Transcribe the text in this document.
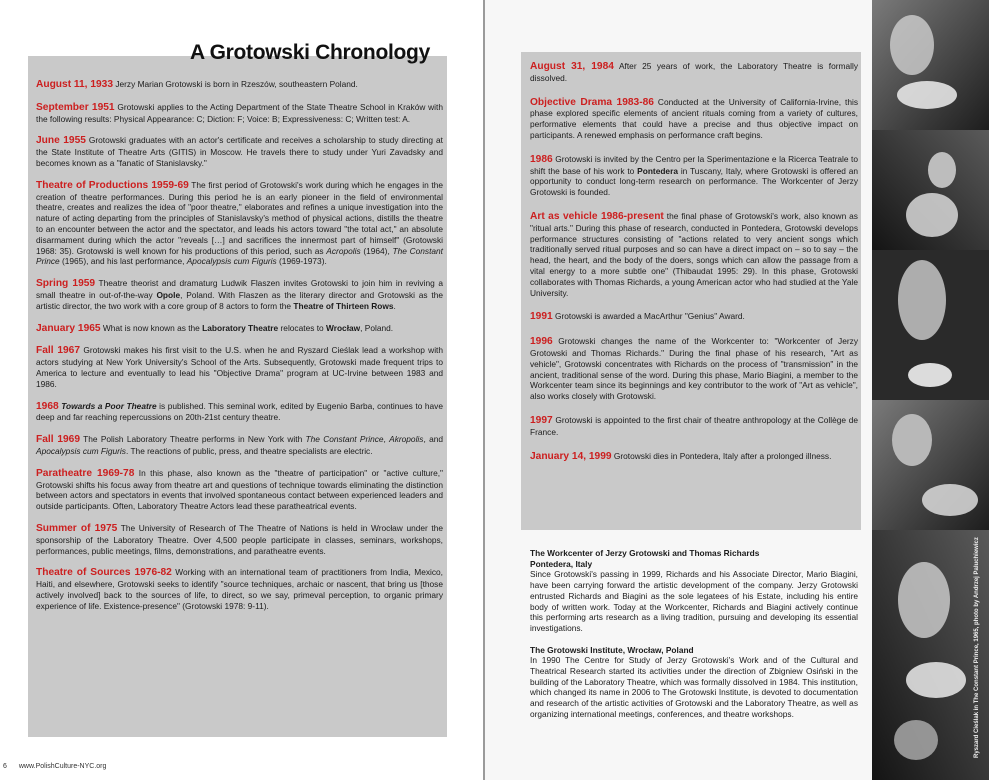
A Grotowski Chronology

August 11, 1933 Jerzy Marian Grotowski is born in Rzeszów, southeastern Poland.

September 1951 Grotowski applies to the Acting Department of the State Theatre School in Kraków with the following results: Physical Appearance: C; Diction: F; Voice: B; Expressiveness: C; Written test: A.

June 1955 Grotowski graduates with an actor's certificate and receives a scholarship to study directing at the State Institute of Theatre Arts (GITIS) in Moscow. He travels there to study under Yuri Zavadsky and becomes known as a "fanatic of Stanislavsky."

Theatre of Productions 1959-69 The first period of Grotowski's work during which he engages in the creation of theatre performances. During this period he is an early pioneer in the field of environmental theatre, creates and realizes the idea of "poor theatre," elaborates and refines a unique investigation into the nature of acting departing from the principles of Stanislavsky's method of physical actions, distills the theatre to an encounter between the actor and the spectator, and leads his actors toward "the total act," an absolute disarmament during which the actor "reveals […] and sacrifices the innermost part of himself" (Grotowski 1968: 35). Grotowski is well known for his productions of this period, such as Acropolis (1964), The Constant Prince (1965), and his last performance, Apocalypsis cum Figuris (1969-1973).

Spring 1959 Theatre theorist and dramaturg Ludwik Flaszen invites Grotowski to join him in reviving a small theatre in out-of-the-way Opole, Poland. With Flaszen as the literary director and Grotowski as the artistic director, the two work with a core group of 8 actors to form the Theatre of Thirteen Rows.

January 1965 What is now known as the Laboratory Theatre relocates to Wrocław, Poland.

Fall 1967 Grotowski makes his first visit to the U.S. when he and Ryszard Cieślak lead a workshop with actors studying at New York University's School of the Arts. Subsequently, Grotowski made frequent trips to America to lecture and eventually to lead his "Objective Drama" program at UC-Irvine between 1983 and 1986.

1968 Towards a Poor Theatre is published. This seminal work, edited by Eugenio Barba, continues to have deep and far reaching repercussions on 20th-21st century theatre.

Fall 1969 The Polish Laboratory Theatre performs in New York with The Constant Prince, Akropolis, and Apocalypsis cum Figuris. The reactions of public, press, and theatre specialists are electric.

Paratheatre 1969-78 In this phase, also known as the "theatre of participation" or "active culture," Grotowski shifts his focus away from theatre art and questions of technique towards eliminating the distinction between actors and spectators in events that involved spontaneous contact between experienced leaders and outside participants. Often, Laboratory Theatre Actors lead these paratheatrical events.

Summer of 1975 The University of Research of The Theatre of Nations is held in Wrocław under the sponsorship of the Laboratory Theatre. Over 4,500 people participate in classes, seminars, workshops, performances, public meetings, films, demonstrations, and paratheatre events.

Theatre of Sources 1976-82 Working with an international team of practitioners from India, Mexico, Haiti, and elsewhere, Grotowski seeks to identify "source techniques, archaic or nascent, that bring us [those actively involved] back to the sources of life, to direct, so we say, primeval perception, to organic primary experience of life. Existence-presence" (Grotowski 1978: 9-11).

August 31, 1984 After 25 years of work, the Laboratory Theatre is formally dissolved.

Objective Drama 1983-86 Conducted at the University of California-Irvine, this phase explored specific elements of ancient rituals coming from a variety of cultures, performative elements that could have a precise and thus objective impact on participants. A renewed emphasis on performance craft begins.

1986 Grotowski is invited by the Centro per la Sperimentazione e la Ricerca Teatrale to shift the base of his work to Pontedera in Tuscany, Italy, where Grotowski is offered an opportunity to conduct long-term research on performance. The Workcenter of Jerzy Grotowski is founded.

Art as vehicle 1986-present the final phase of Grotowski's work, also known as "ritual arts." During this phase of research, conducted in Pontedera, Grotowski develops performance structures consisting of "actions related to very ancient songs which traditionally served ritual purposes and so can have a direct impact on – so to say – the head, the heart, and the body of the doers, songs which can allow the passage from a vital energy to a more subtle one" (Thibaudat 1995: 29). In this phase, Grotowski collaborates with Thomas Richards, a young American actor who had studied at the Yale University.

1991 Grotowski is awarded a MacArthur "Genius" Award.

1996 Grotowski changes the name of the Workcenter to: "Workcenter of Jerzy Grotowski and Thomas Richards." During the final phase of his research, "Art as vehicle", Grotowski concentrates with Richards on the process of "transmission" in the ancient, traditional sense of the word. During this phase, Mario Biagini, a member to the Workcenter team since its beginnings and key contributor to the work of "Art as vehicle", also works closely with Grotowski.

1997 Grotowski is appointed to the first chair of theatre anthropology at the Collège de France.

January 14, 1999 Grotowski dies in Pontedera, Italy after a prolonged illness.

The Workcenter of Jerzy Grotowski and Thomas Richards
Pontedera, Italy
Since Grotowski's passing in 1999, Richards and his Associate Director, Mario Biagini, have been carrying forward the artistic development of the company. Jerzy Grotowski entrusted Richards and Biagini as the sole legatees of his Estate, including his entire body of written work. Today at the Workcenter, Richards and Biagini actively continue this performing arts research as a living tradition, pursuing and developing its essential investigations.
The Grotowski Institute, Wrocław, Poland
In 1990 The Centre for Study of Jerzy Grotowski's Work and of the Cultural and Theatrical Research started its activities under the direction of Zbigniew Osiński in the building of the Laboratory Theatre, which was formally dissolved in 1984. This institution, which changed its name in 2006 to The Grotowski Institute, is devoted to documentation and research of the artistic activities of Grotowski and the Laboratory Theatre, as well as organizing international meetings, conferences, and theatre workshops.	Ryszard Cieślak in The Constant Prince, 1965, photo by Andrzej Paluchiewicz
6 www.PolishCulture-NYC.org
